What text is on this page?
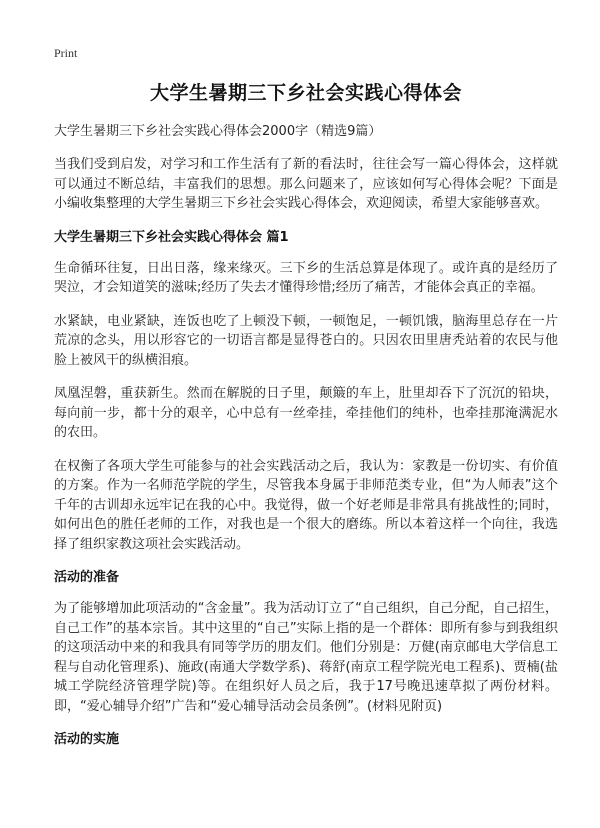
Print
大学生暑期三下乡社会实践心得体会

大学生暑期三下乡社会实践心得体会2000字（精选9篇）

当我们受到启发，对学习和工作生活有了新的看法时，往往会写一篇心得体会，这样就可以通过不断总结，丰富我们的思想。那么问题来了，应该如何写心得体会呢？下面是小编收集整理的大学生暑期三下乡社会实践心得体会，欢迎阅读，希望大家能够喜欢。

大学生暑期三下乡社会实践心得体会 篇1

生命循环往复，日出日落，缘来缘灭。三下乡的生活总算是体现了。或许真的是经历了哭泣，才会知道笑的滋味;经历了失去才懂得珍惜;经历了痛苦，才能体会真正的幸福。

水紧缺，电业紧缺，连饭也吃了上顿没下顿，一顿饱足，一顿饥饿，脑海里总存在一片荒凉的念头，用以形容它的一切语言都是显得苍白的。只因农田里唐秃站着的农民与他脸上被风干的纵横泪痕。

凤凰涅磐，重获新生。然而在解脱的日子里，颠簸的车上，肚里却吞下了沉沉的铅块，每向前一步，都十分的艰辛，心中总有一丝牵挂，牵挂他们的纯朴，也牵挂那淹满泥水的农田。

在权衡了各项大学生可能参与的社会实践活动之后，我认为：家教是一份切实、有价值的方案。作为一名师范学院的学生，尽管我本身属于非师范类专业，但“为人师表”这个千年的古训却永远牢记在我的心中。我觉得，做一个好老师是非常具有挑战性的;同时，如何出色的胜任老师的工作，对我也是一个很大的磨练。所以本着这样一个向往，我选择了组织家教这项社会实践活动。

活动的准备

为了能够增加此项活动的“含金量”。我为活动订立了“自己组织，自己分配，自己招生，自己工作”的基本宗旨。其中这里的“自己”实际上指的是一个群体：即所有参与到我组织的这项活动中来的和我具有同等学历的朋友们。他们分别是：万健(南京邮电大学信息工程与自动化管理系)、施政(南通大学数学系)、蒋舒(南京工程学院光电工程系)、贾楠(盐城工学院经济管理学院)等。在组织好人员之后，我于17号晚迅速草拟了两份材料。即，“爱心辅导介绍”广告和“爱心辅导活动会员条例”。(材料见附页)

活动的实施
